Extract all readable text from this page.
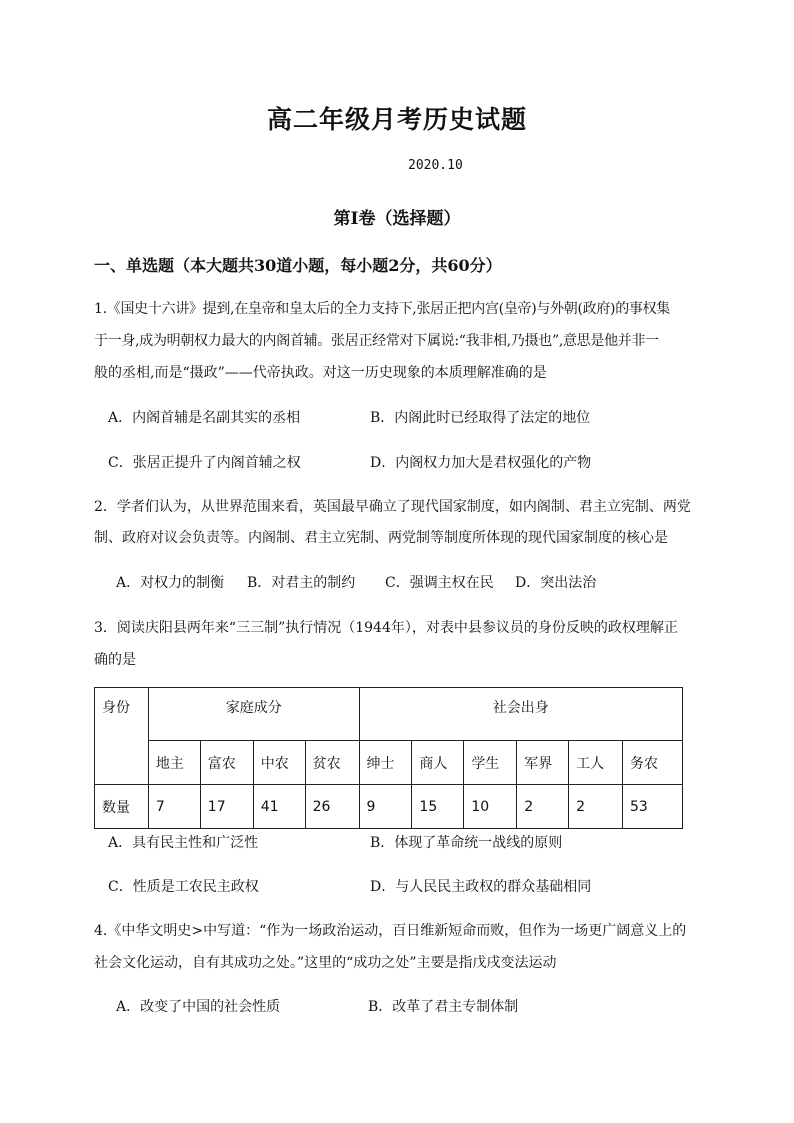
高二年级月考历史试题
2020.10
第Ⅰ卷（选择题）
一、单选题（本大题共30道小题，每小题2分，共60分）
1.《国史十六讲》提到,在皇帝和皇太后的全力支持下,张居正把内宫(皇帝)与外朝(政府)的事权集
于一身,成为明朝权力最大的内阁首辅。张居正经常对下属说:“我非相,乃摄也”,意思是他并非一
般的丞相,而是“摄政”——代帝执政。对这一历史现象的本质理解准确的是
A．内阁首辅是名副其实的丞相	B．内阁此时已经取得了法定的地位
C．张居正提升了内阁首辅之权	D．内阁权力加大是君权强化的产物
2．学者们认为，从世界范围来看，英国最早确立了现代国家制度，如内阁制、君主立宪制、两党
制、政府对议会负责等。内阁制、君主立宪制、两党制等制度所体现的现代国家制度的核心是
A．对权力的制衡 B．对君主的制约 C．强调主权在民 D．突出法治
3．阅读庆阳县两年来“三三制”执行情况（1944年），对表中县参议员的身份反映的政权理解正
确的是
身份	家庭成分				社会出身					
	地主	富农	中农	贫农	绅士	商人	学生	军界	工人	务农
数量	7	17	41	26	9	15	10	2	2	53
A．具有民主性和广泛性	B．体现了革命统一战线的原则
C．性质是工农民主政权	D．与人民民主政权的群众基础相同
4.《中华文明史>中写道：“作为一场政治运动，百日维新短命而败，但作为一场更广阔意义上的
社会文化运动，自有其成功之处。”这里的“成功之处”主要是指戊戌变法运动
A．改变了中国的社会性质	B．改革了君主专制体制
